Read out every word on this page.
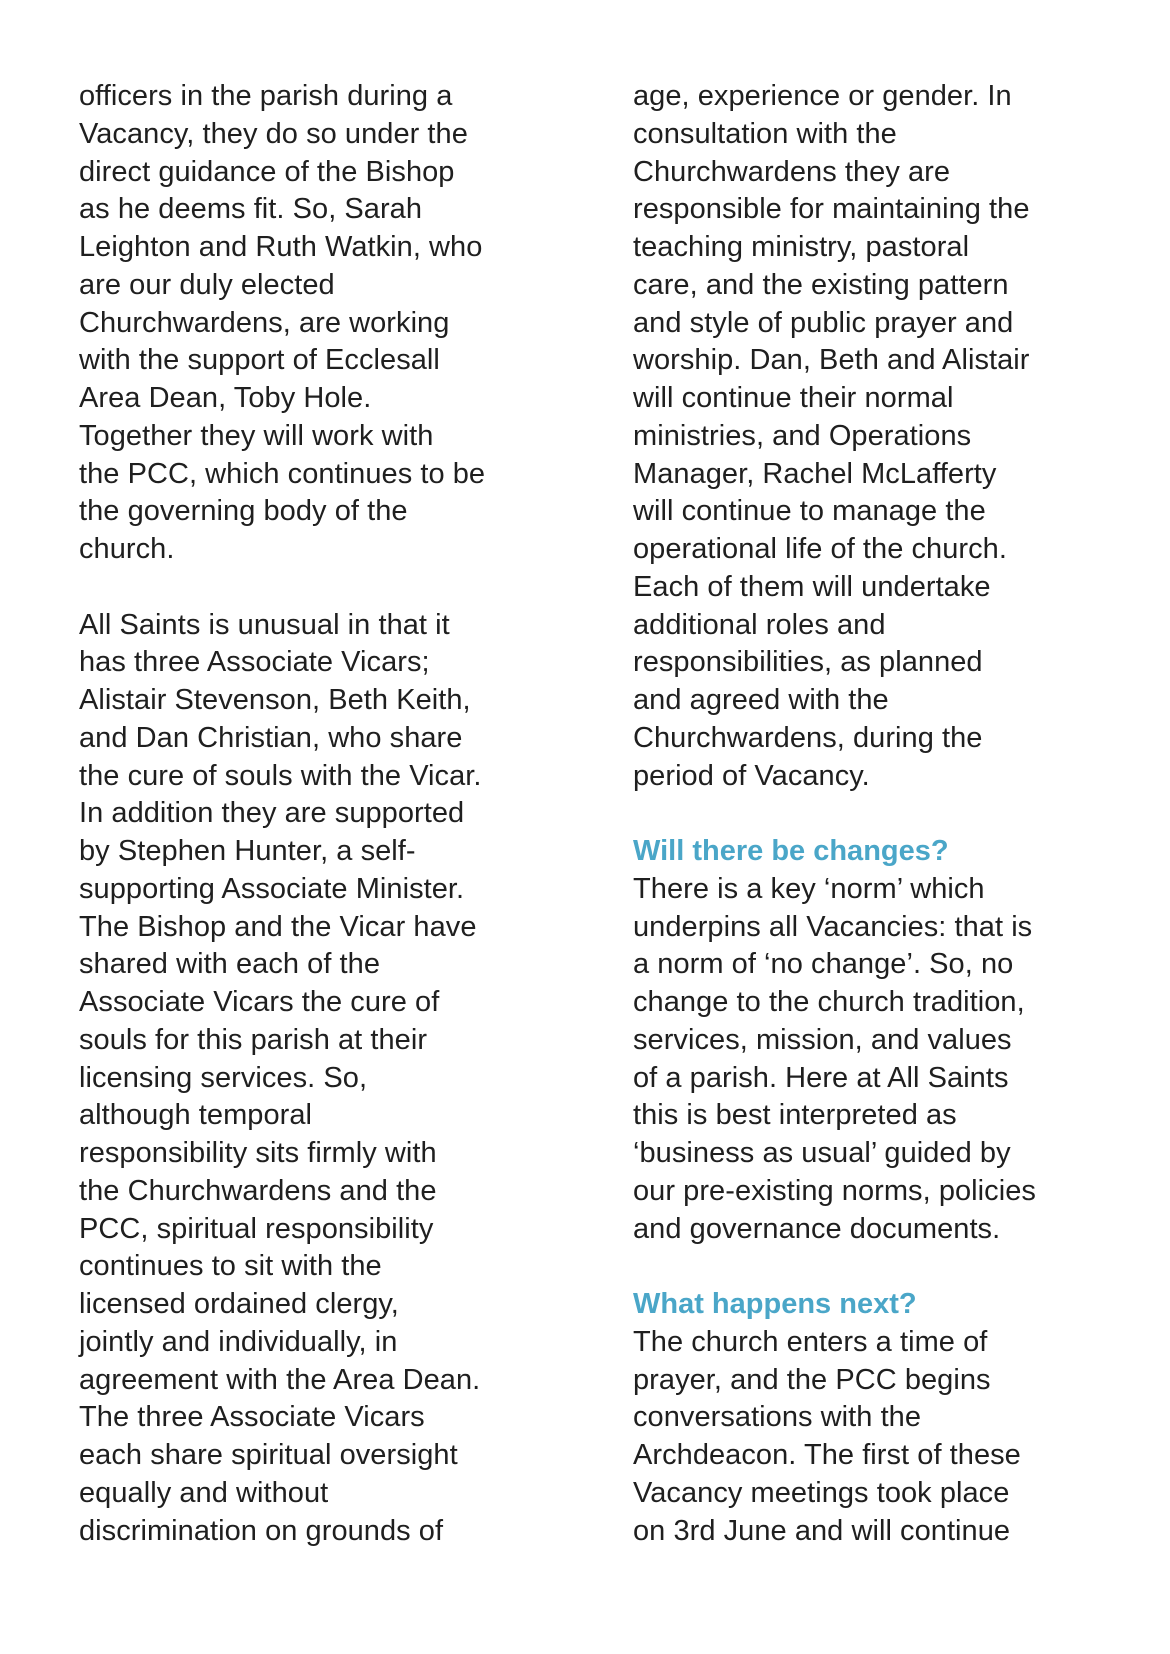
officers in the parish during a
Vacancy, they do so under the
direct guidance of the Bishop
as he deems fit. So, Sarah
Leighton and Ruth Watkin, who
are our duly elected
Churchwardens, are working
with the support of Ecclesall
Area Dean, Toby Hole.
Together they will work with
the PCC, which continues to be
the governing body of the
church.
All Saints is unusual in that it
has three Associate Vicars;
Alistair Stevenson, Beth Keith,
and Dan Christian, who share
the cure of souls with the Vicar.
In addition they are supported
by Stephen Hunter, a self-
supporting Associate Minister.
The Bishop and the Vicar have
shared with each of the
Associate Vicars the cure of
souls for this parish at their
licensing services. So,
although temporal
responsibility sits firmly with
the Churchwardens and the
PCC, spiritual responsibility
continues to sit with the
licensed ordained clergy,
jointly and individually, in
agreement with the Area Dean.
The three Associate Vicars
each share spiritual oversight
equally and without
discrimination on grounds of
age, experience or gender. In
consultation with the
Churchwardens they are
responsible for maintaining the
teaching ministry, pastoral
care, and the existing pattern
and style of public prayer and
worship. Dan, Beth and Alistair
will continue their normal
ministries, and Operations
Manager, Rachel McLafferty
will continue to manage the
operational life of the church.
Each of them will undertake
additional roles and
responsibilities, as planned
and agreed with the
Churchwardens, during the
period of Vacancy.
Will there be changes?
There is a key ‘norm’ which
underpins all Vacancies: that is
a norm of ‘no change’. So, no
change to the church tradition,
services, mission, and values
of a parish. Here at All Saints
this is best interpreted as
‘business as usual’ guided by
our pre-existing norms, policies
and governance documents.
What happens next?
The church enters a time of
prayer, and the PCC begins
conversations with the
Archdeacon. The first of these
Vacancy meetings took place
on 3rd June and will continue
